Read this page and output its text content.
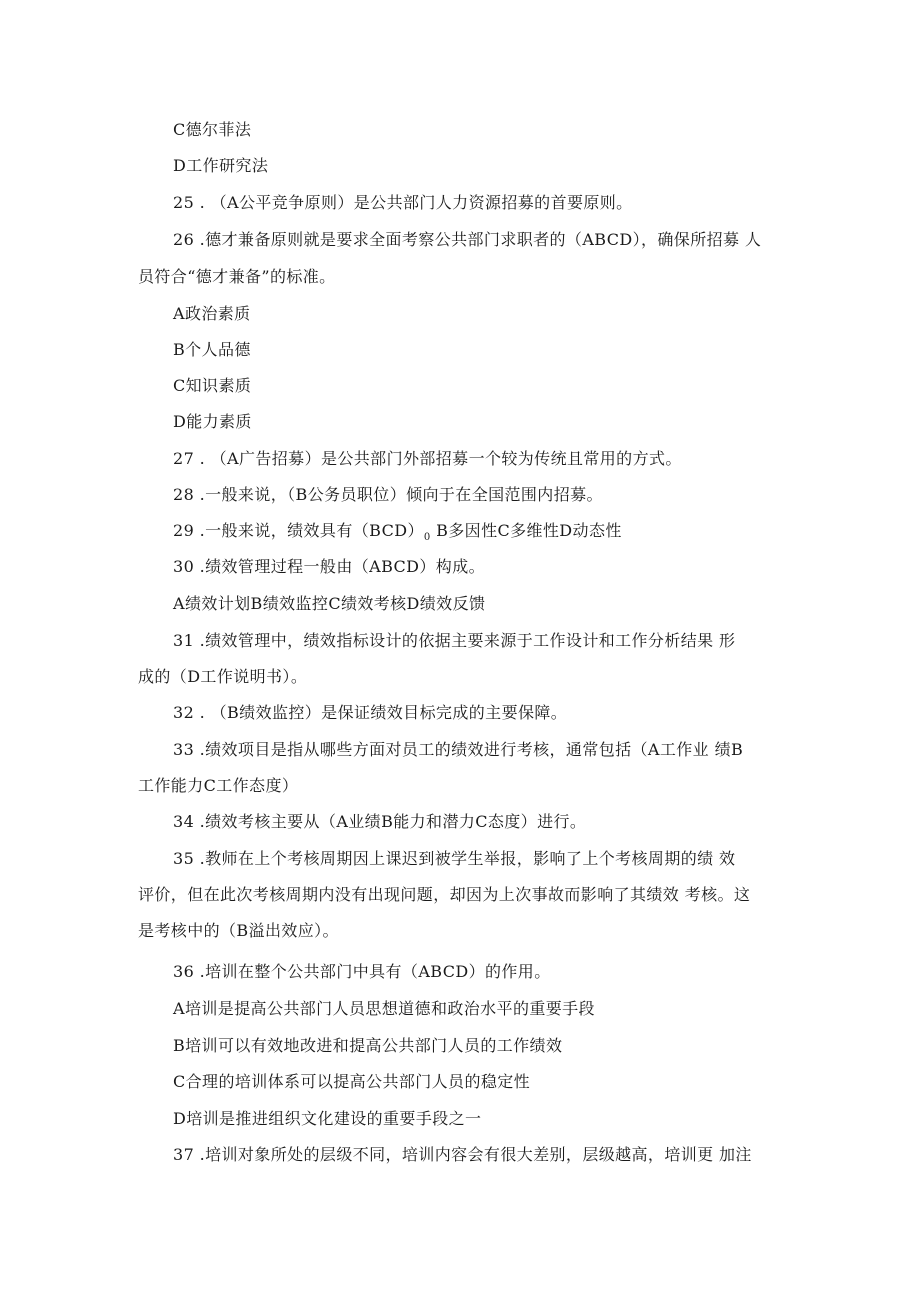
C德尔菲法
D工作研究法
25 . （A公平竞争原则）是公共部门人力资源招募的首要原则。
26 .德才兼备原则就是要求全面考察公共部门求职者的（ABCD），确保所招募 人
员符合“德才兼备”的标准。
A政治素质
B个人品德
C知识素质
D能力素质
27 . （A广告招募）是公共部门外部招募一个较为传统且常用的方式。
28 .一般来说，（B公务员职位）倾向于在全国范围内招募。
29 .一般来说，绩效具有$(BCD)_0$ B多因性C多维性D动态性
30 .绩效管理过程一般由（ABCD）构成。
A绩效计划B绩效监控C绩效考核D绩效反馈
31 .绩效管理中，绩效指标设计的依据主要来源于工作设计和工作分析结果 形
成的（D工作说明书）。
32 . （B绩效监控）是保证绩效目标完成的主要保障。
33 .绩效项目是指从哪些方面对员工的绩效进行考核，通常包括（A工作业 绩B
工作能力C工作态度）
34 .绩效考核主要从（A业绩B能力和潜力C态度）进行。
35 .教师在上个考核周期因上课迟到被学生举报，影响了上个考核周期的绩 效
评价，但在此次考核周期内没有出现问题，却因为上次事故而影响了其绩效 考核。这
是考核中的（B溢出效应）。
36 .培训在整个公共部门中具有（ABCD）的作用。
A培训是提高公共部门人员思想道德和政治水平的重要手段
B培训可以有效地改进和提高公共部门人员的工作绩效
C合理的培训体系可以提高公共部门人员的稳定性
D培训是推进组织文化建设的重要手段之一
37 .培训对象所处的层级不同，培训内容会有很大差别，层级越高，培训更 加注
